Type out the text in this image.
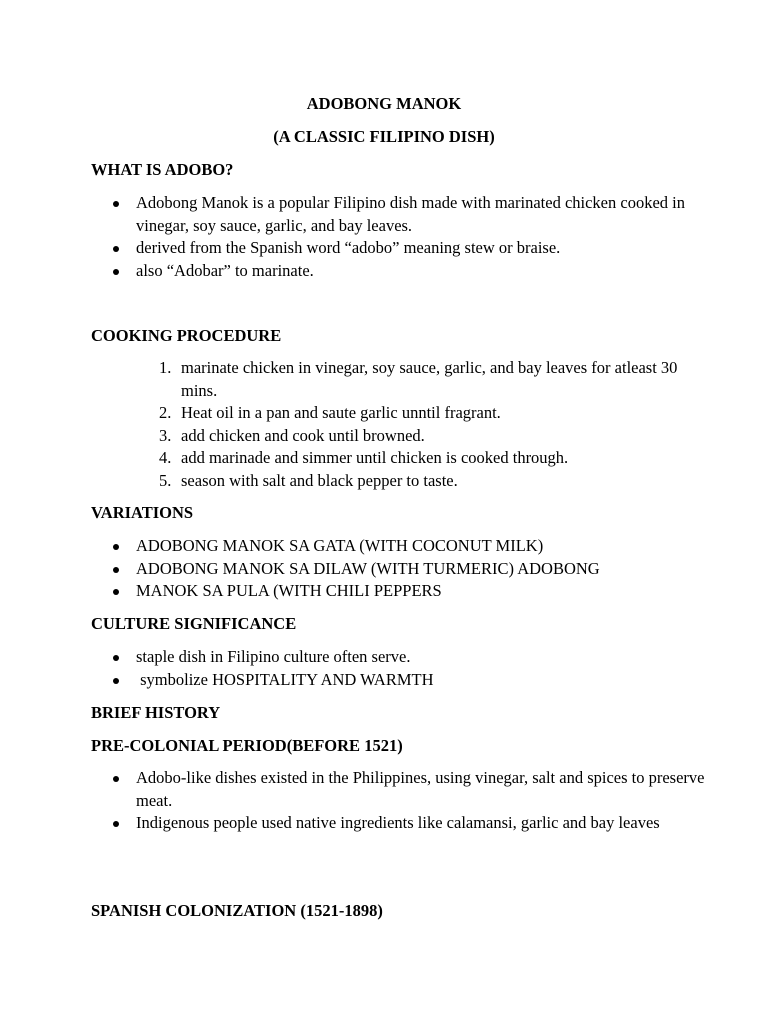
ADOBONG MANOK

(A CLASSIC FILIPINO DISH)

WHAT IS ADOBO?

Adobong Manok is a popular Filipino dish made with marinated chicken cooked in vinegar, soy sauce, garlic, and bay leaves.
derived from the Spanish word “adobo” meaning stew or braise.
also “Adobar” to marinate.

COOKING PROCEDURE

1. marinate chicken in vinegar, soy sauce, garlic, and bay leaves for atleast 30 mins.
2. Heat oil in a pan and saute garlic unntil fragrant.
3. add chicken and cook until browned.
4. add marinade and simmer until chicken is cooked through.
5. season with salt and black pepper to taste.

VARIATIONS

ADOBONG MANOK SA GATA (WITH COCONUT MILK)
ADOBONG MANOK SA DILAW (WITH TURMERIC) ADOBONG
MANOK SA PULA (WITH CHILI PEPPERS

CULTURE SIGNIFICANCE

staple dish in Filipino culture often serve.
symbolize HOSPITALITY AND WARMTH

BRIEF HISTORY

PRE-COLONIAL PERIOD(BEFORE 1521)

Adobo-like dishes existed in the Philippines, using vinegar, salt and spices to preserve meat.
Indigenous people used native ingredients like calamansi, garlic and bay leaves

SPANISH COLONIZATION (1521-1898)
